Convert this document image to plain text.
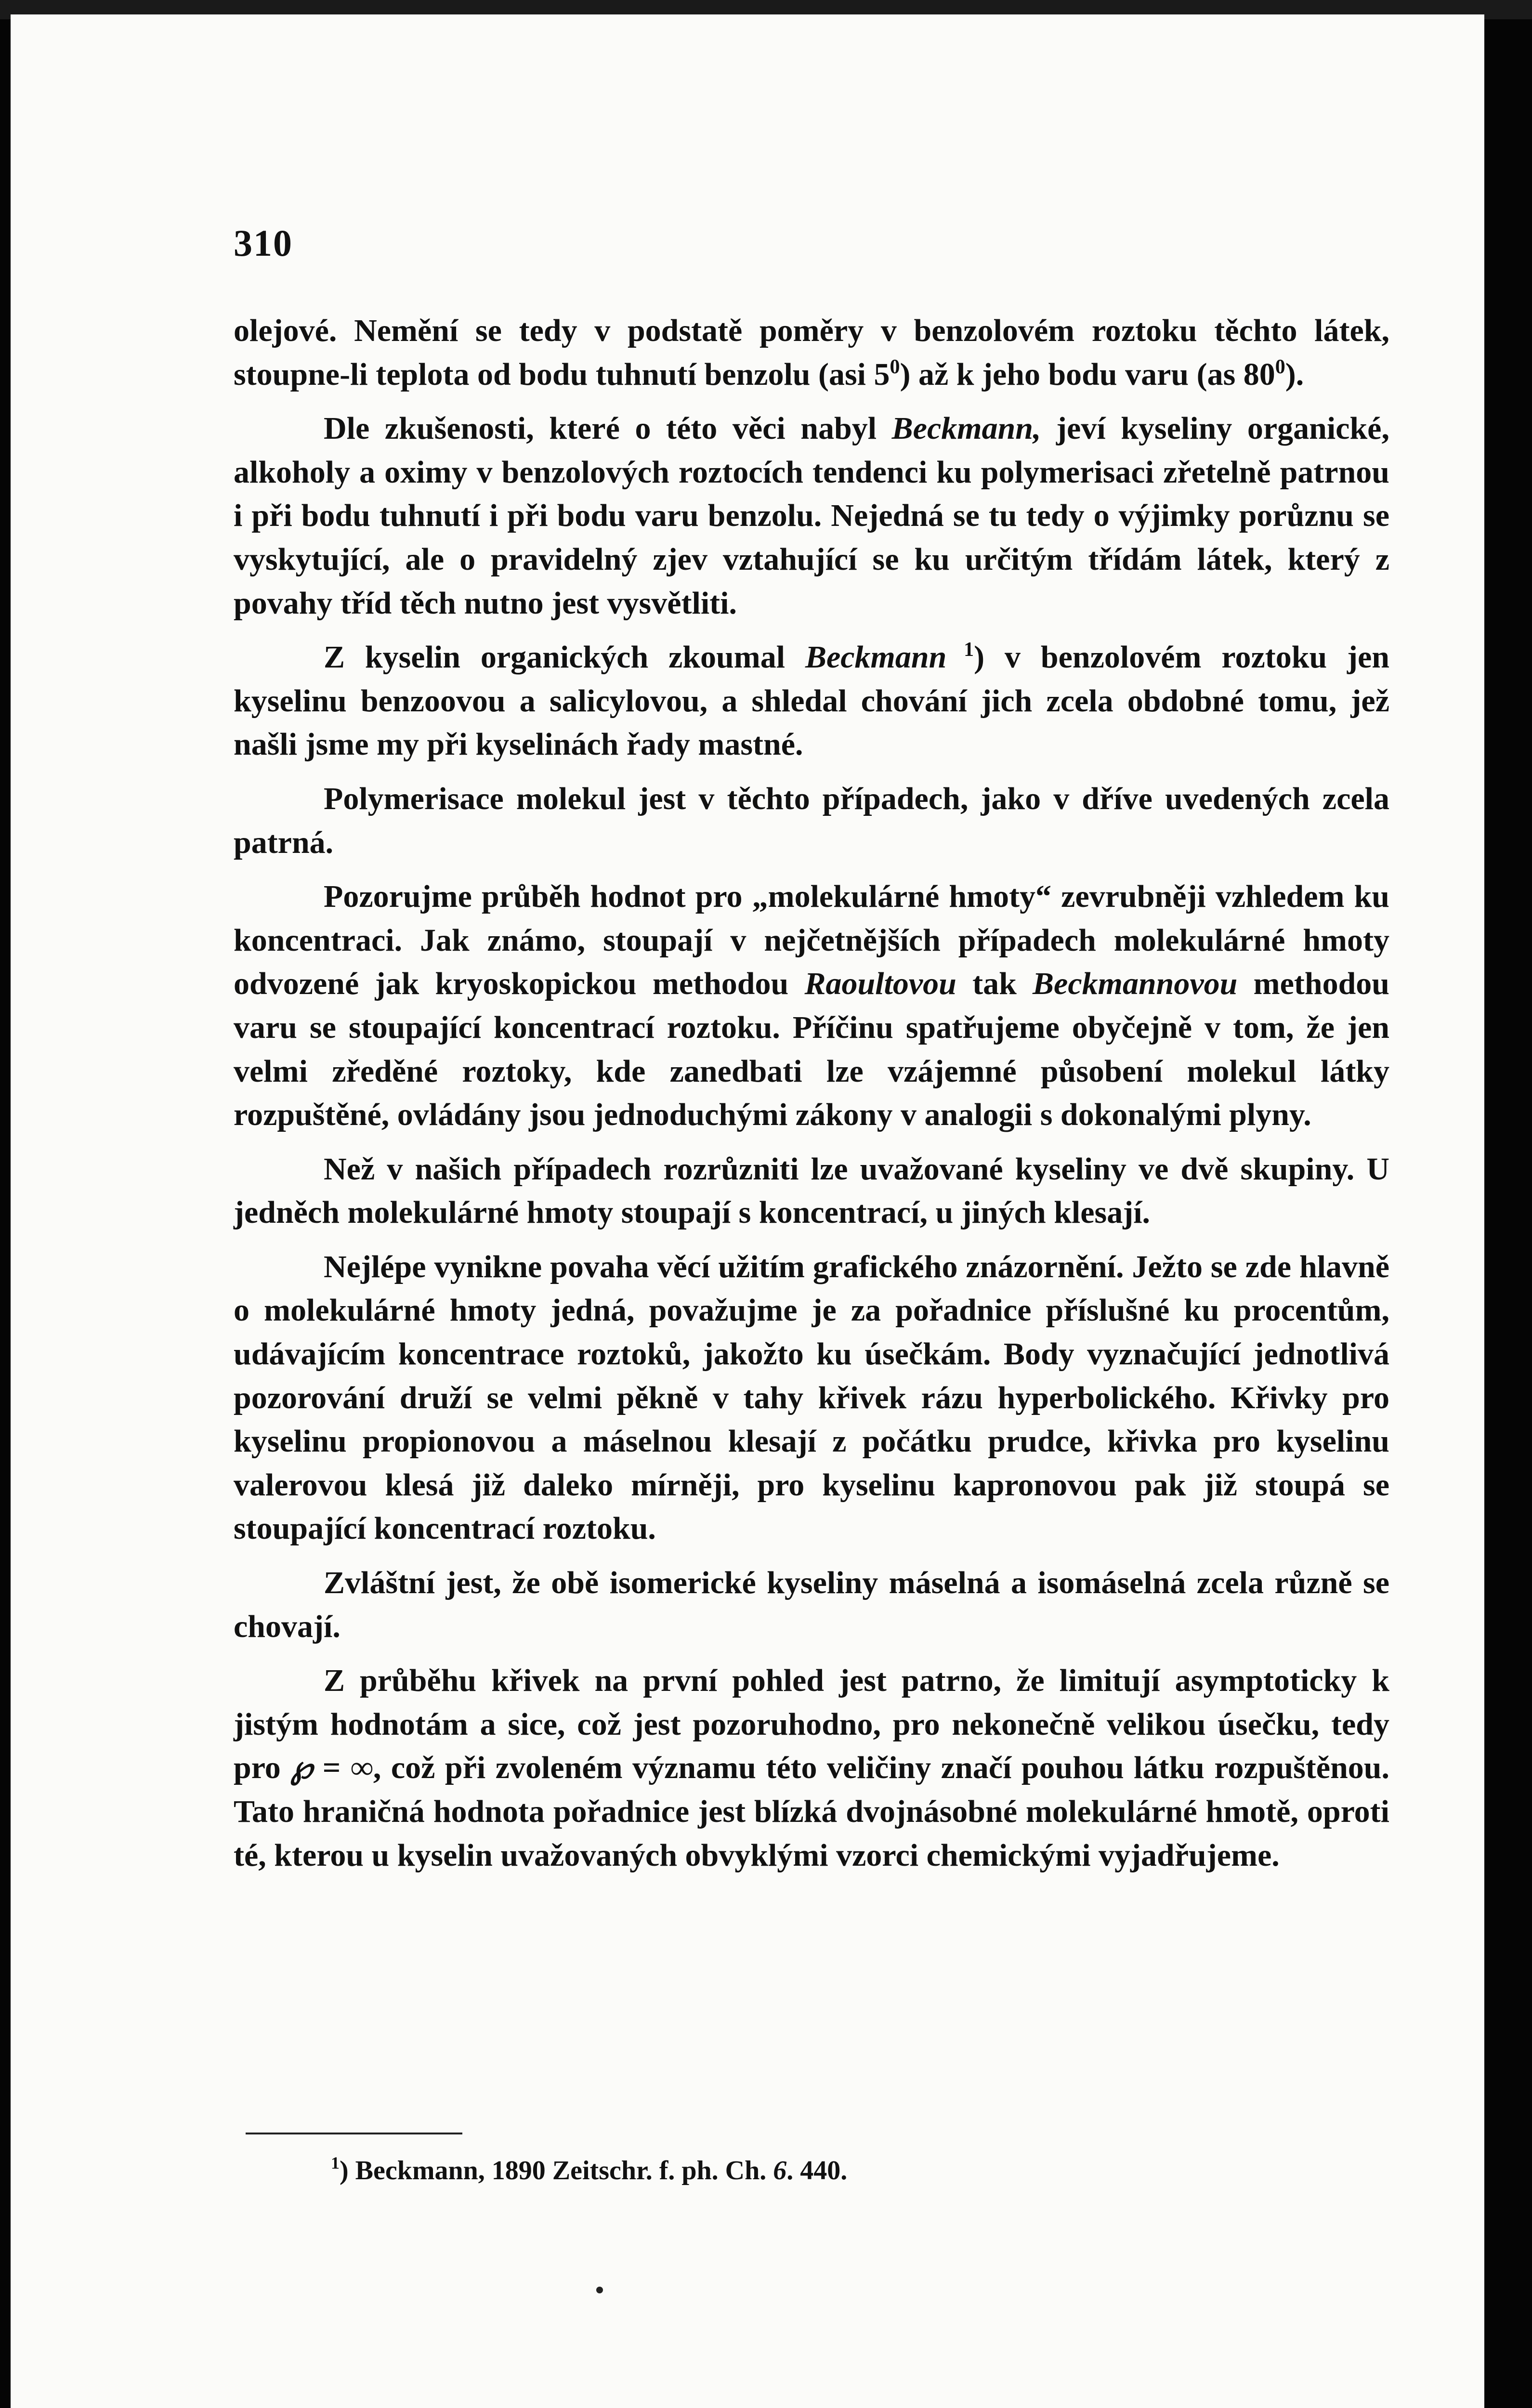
310

olejové. Nemění se tedy v podstatě poměry v benzolovém roztoku těchto látek, stoupne-li teplota od bodu tuhnutí benzolu (asi $5^0$) až k jeho bodu varu (as $80^0$).

Dle zkušenosti, které o této věci nabyl Beckmann, jeví kyseliny organické, alkoholy a oximy v benzolových roztocích tendenci ku polymerisaci zřetelně patrnou i při bodu tuhnutí i při bodu varu benzolu. Nejedná se tu tedy o výjimky porůznu se vyskytující, ale o pravidelný zjev vztahující se ku určitým třídám látek, který z povahy tříd těch nutno jest vysvětliti.

Z kyselin organických zkoumal Beckmann $^1$) v benzolovém roztoku jen kyselinu benzoovou a salicylovou, a shledal chování jich zcela obdobné tomu, jež našli jsme my při kyselinách řady mastné.

Polymerisace molekul jest v těchto případech, jako v dříve uvedených zcela patrná.

Pozorujme průběh hodnot pro „molekulárné hmoty“ zevrubněji vzhledem ku koncentraci. Jak známo, stoupají v nejčetnějších případech molekulárné hmoty odvozené jak kryoskopickou methodou Raoultovou tak Beckmannovou methodou varu se stoupající koncentrací roztoku. Příčinu spatřujeme obyčejně v tom, že jen velmi zředěné roztoky, kde zanedbati lze vzájemné působení molekul látky rozpuštěné, ovládány jsou jednoduchými zákony v analogii s dokonalými plyny.

Než v našich případech rozrůzniti lze uvažované kyseliny ve dvě skupiny. U jedněch molekulárné hmoty stoupají s koncentrací, u jiných klesají.

Nejlépe vynikne povaha věcí užitím grafického znázornění. Ježto se zde hlavně o molekulárné hmoty jedná, považujme je za pořadnice příslušné ku procentům, udávajícím koncentrace roztoků, jakožto ku úsečkám. Body vyznačující jednotlivá pozorování druží se velmi pěkně v tahy křivek rázu hyperbolického. Křivky pro kyselinu propionovou a máselnou klesají z počátku prudce, křivka pro kyselinu valerovou klesá již daleko mírněji, pro kyselinu kapronovou pak již stoupá se stoupající koncentrací roztoku.

Zvláštní jest, že obě isomerické kyseliny máselná a isomáselná zcela různě se chovají.

Z průběhu křivek na první pohled jest patrno, že limitují asymptoticky k jistým hodnotám a sice, což jest pozoruhodno, pro nekonečně velikou úsečku, tedy pro ℘ = ∞, což při zvoleném významu této veličiny značí pouhou látku rozpuštěnou. Tato hraničná hodnota pořadnice jest blízká dvojnásobné molekulárné hmotě, oproti té, kterou u kyselin uvažovaných obvyklými vzorci chemickými vyjadřujeme.

$^1$) Beckmann, 1890 Zeitschr. f. ph. Ch. 6. 440.
